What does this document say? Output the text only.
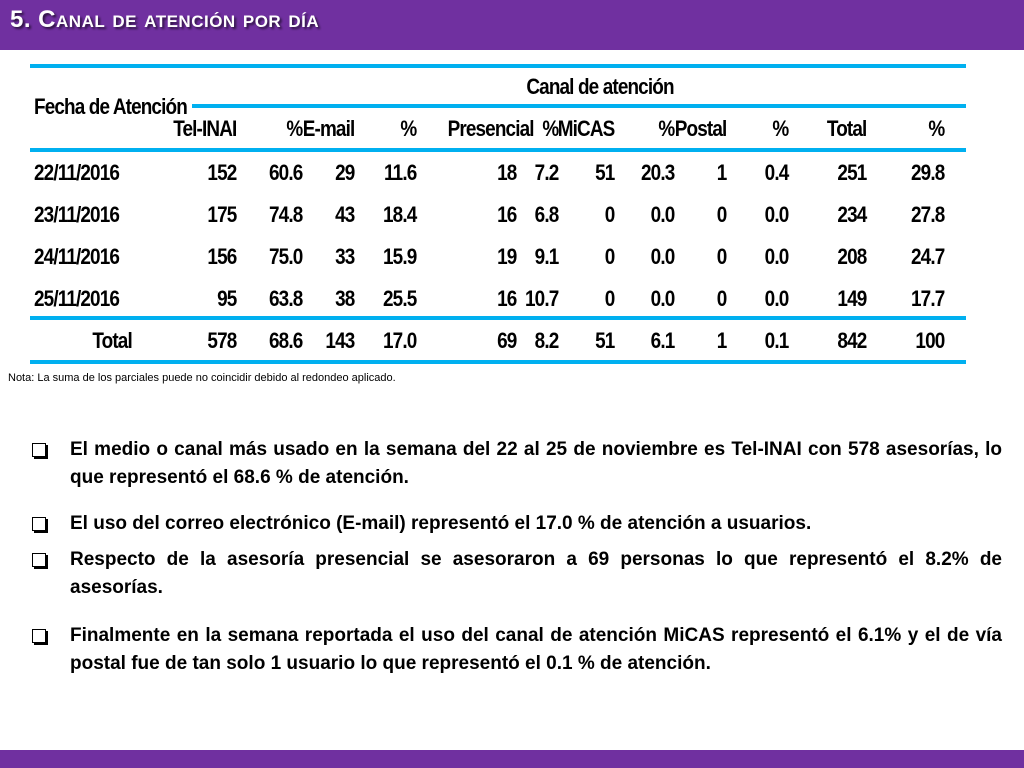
5. Canal de atención por día
Fecha de Atención
Canal de atención
Tel-INAI	% E-mail	% Presencial % MiCAS	% Postal	%	Total	%
22/11/2016	152	60.6	29	11.6	18 7.2	51	20.3	1	0.4	251	29.8
23/11/2016	175	74.8	43	18.4	16 6.8	0	0.0	0	0.0	234	27.8
24/11/2016	156	75.0	33	15.9	19 9.1	0	0.0	0	0.0	208	24.7
25/11/2016	95	63.8	38	25.5	16 10.7	0	0.0	0	0.0	149	17.7
Total	578	68.6	143	17.0	69 8.2	51	6.1	1	0.1	842	100
Nota: La suma de los parciales puede no coincidir debido al redondeo aplicado.

El medio o canal más usado en la semana del 22 al 25 de noviembre es Tel-INAI con 578 asesorías, lo que representó el 68.6 % de atención.

El uso del correo electrónico (E-mail) representó el 17.0 % de atención a usuarios.

Respecto de la asesoría presencial se asesoraron a 69 personas lo que representó el 8.2% de asesorías.

Finalmente en la semana reportada el uso del canal de atención MiCAS representó el 6.1% y el de vía postal fue de tan solo 1 usuario lo que representó el 0.1 % de atención.
